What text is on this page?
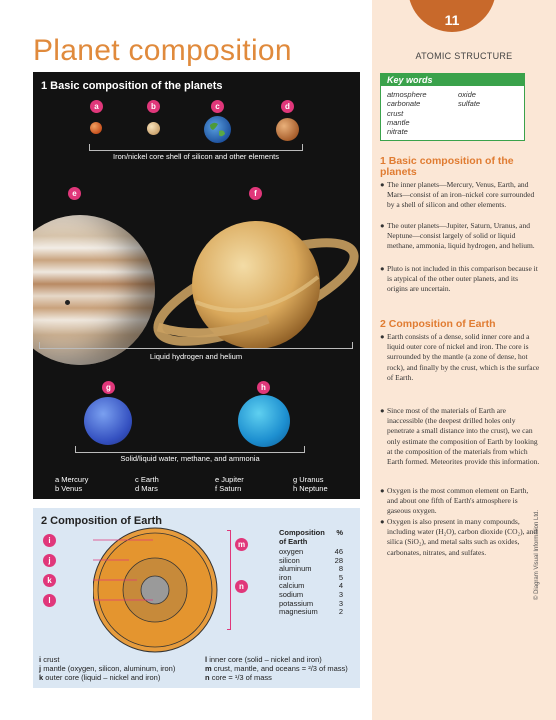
11
ATOMIC STRUCTURE
Planet composition
1 Basic composition of the planets
a	b	c	d
Iron/nickel core shell of silicon and other elements
e	f
Liquid hydrogen and helium
g	h
Solid/liquid water, methane, and ammonia
a Mercury
b Venus
c Earth
d Mars
e Jupiter
f Saturn
g Uranus
h Neptune
2 Composition of Earth
i
j
k
l
m
n
Composition %
of Earth
oxygen	46
silicon	28
aluminum	8
iron	5
calcium	4
sodium	3
potassium	3
magnesium	2
i crust
j mantle (oxygen, silicon, aluminum, iron)
k outer core (liquid – nickel and iron)
l inner core (solid – nickel and iron)
m crust, mantle, and oceans = ²/3 of mass)
n core = ¹/3 of mass
Key words
atmosphere
carbonate
crust
mantle
nitrate
oxide
sulfate
1 Basic composition of the planets
● The inner planets—Mercury, Venus, Earth, and Mars—consist of an iron–nickel core surrounded by a shell of silicon and other elements.
● The outer planets—Jupiter, Saturn, Uranus, and Neptune—consist largely of solid or liquid methane, ammonia, liquid hydrogen, and helium.
● Pluto is not included in this comparison because it is atypical of the other outer planets, and its origins are uncertain.
2 Composition of Earth
● Earth consists of a dense, solid inner core and a liquid outer core of nickel and iron. The core is surrounded by the mantle (a zone of dense, hot rock), and finally by the crust, which is the surface of Earth.
● Since most of the materials of Earth are inaccessible (the deepest drilled holes only penetrate a small distance into the crust), we can only estimate the composition of Earth by looking at the composition of the materials from which Earth formed. Meteorites provide this information.
● Oxygen is the most common element on Earth, and about one fifth of Earth's atmosphere is gaseous oxygen.
● Oxygen is also present in many compounds, including water (H₂O), carbon dioxide (CO₂), and silica (SiO₂), and metal salts such as oxides, carbonates, nitrates, and sulfates.	© Diagram Visual Information Ltd.
